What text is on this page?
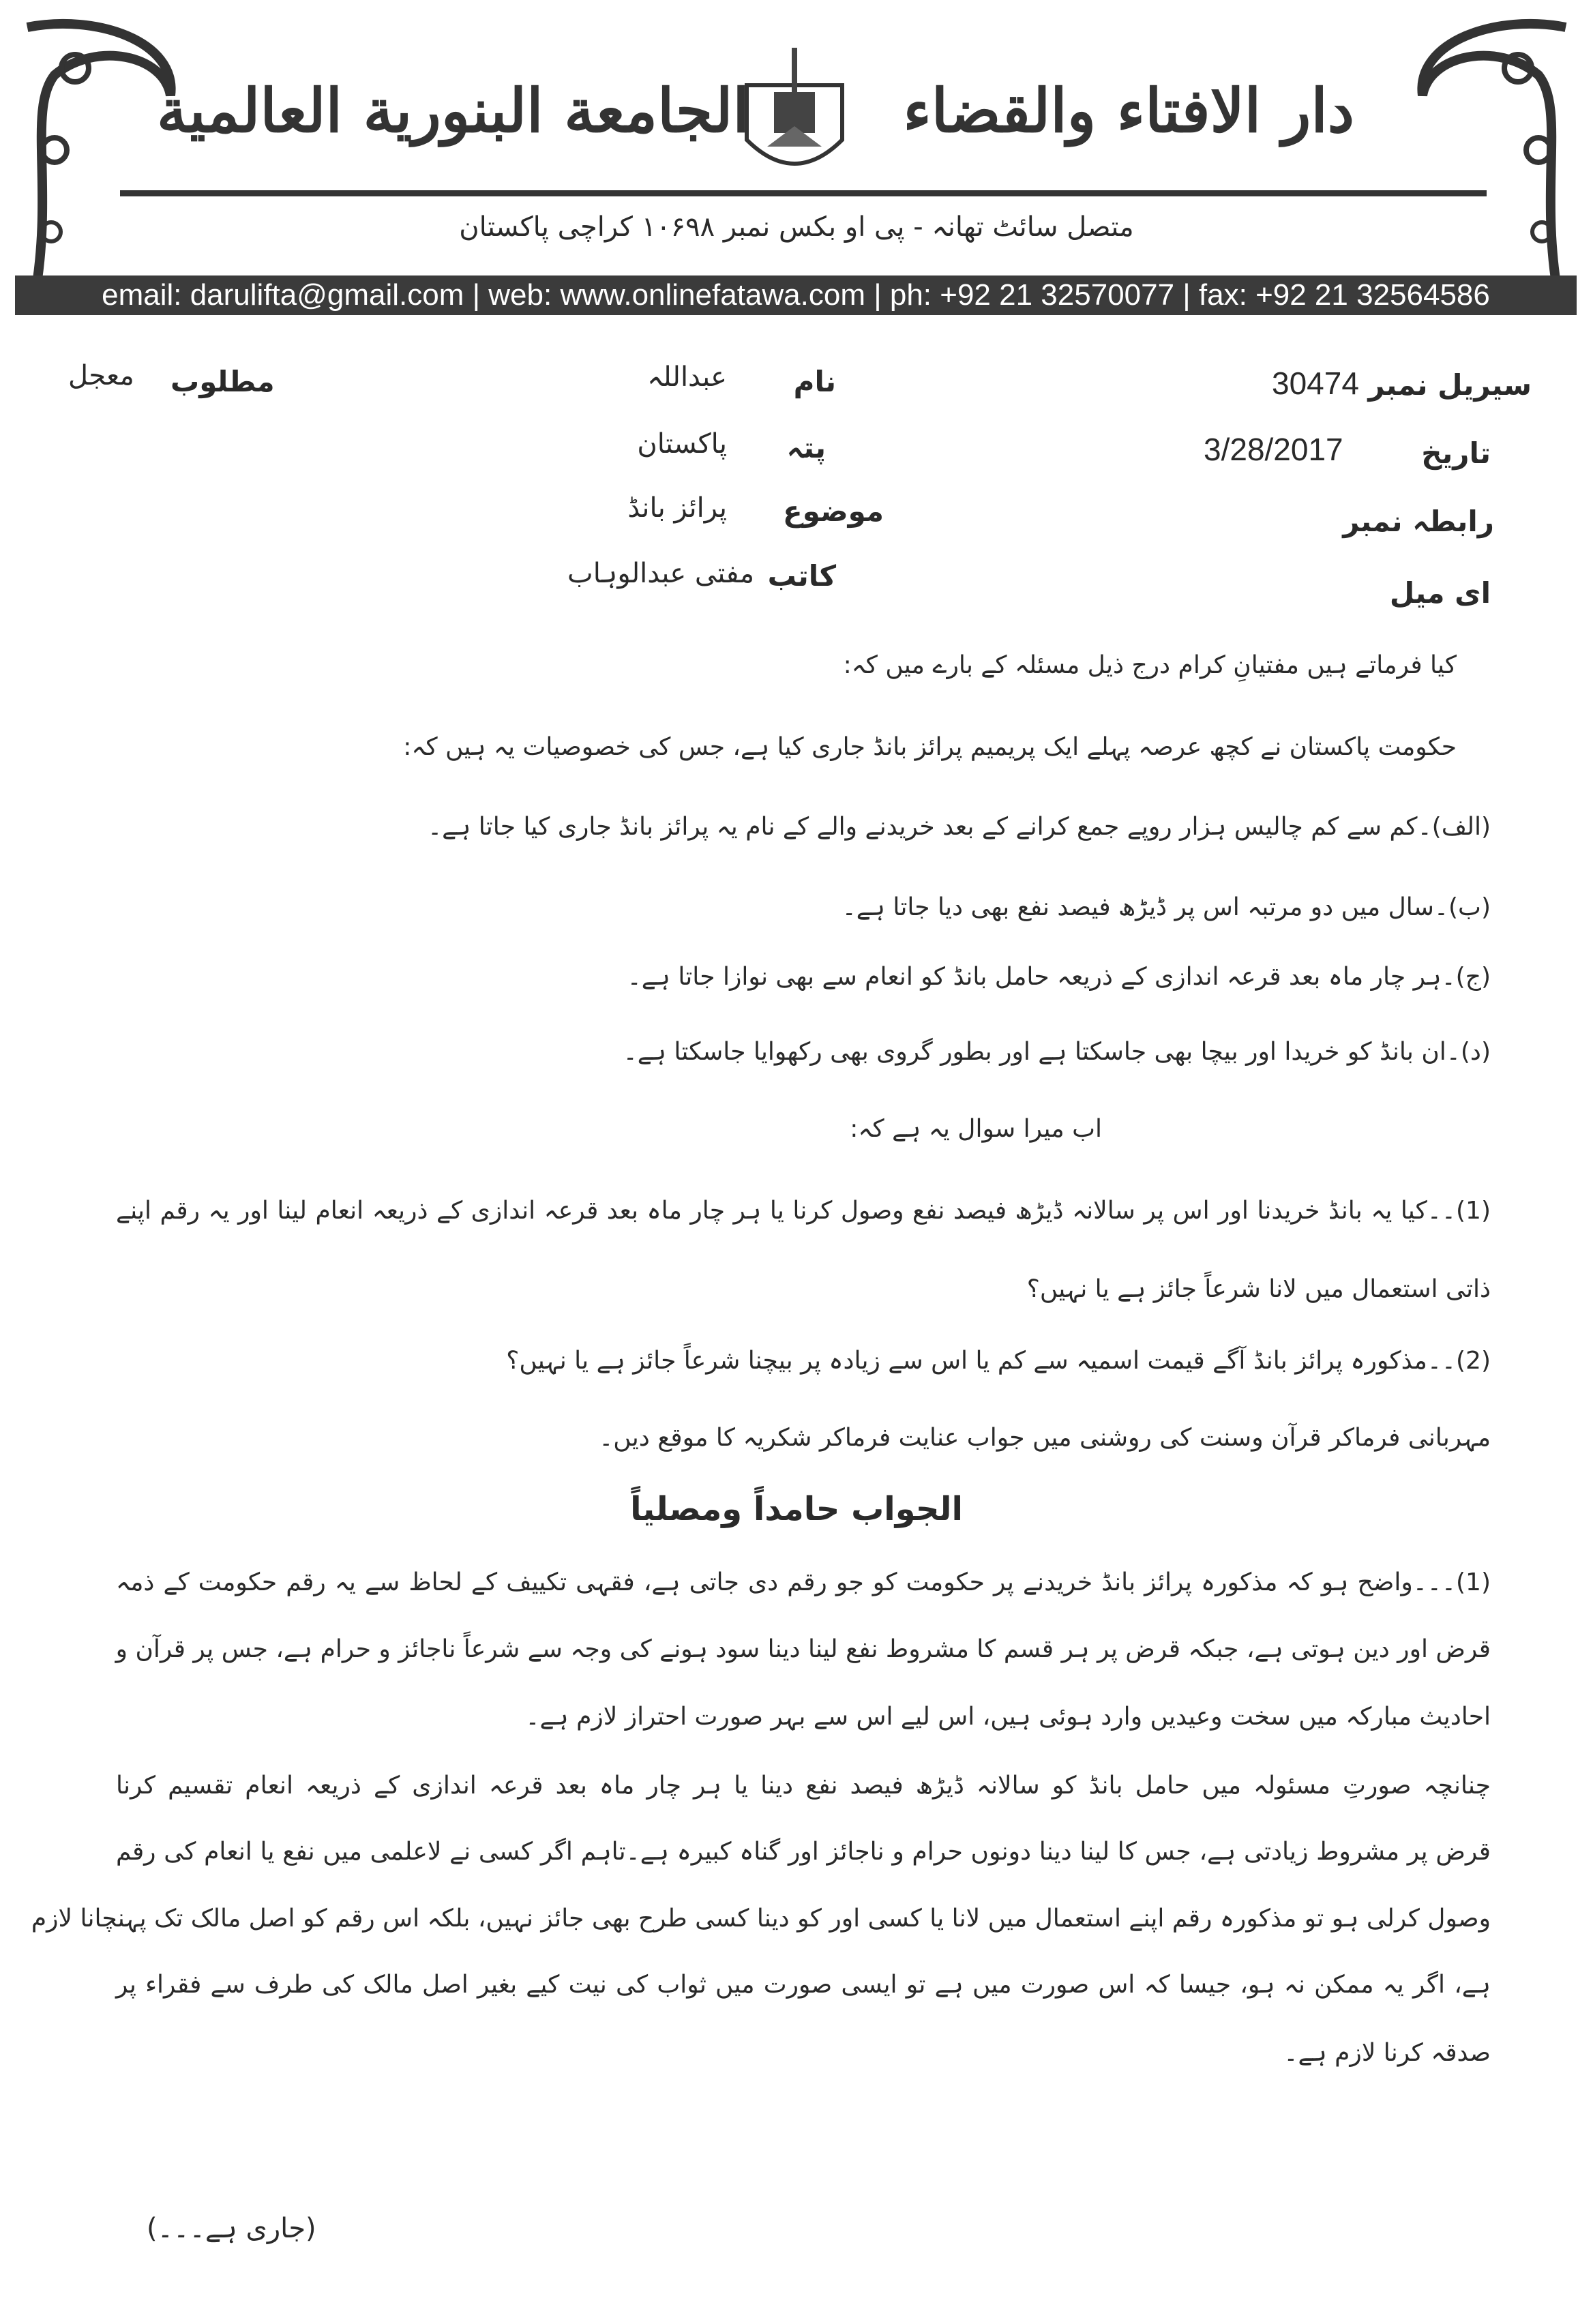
دار الافتاء والقضاء
الجامعة البنورية العالمية
متصل سائٹ تھانہ - پی او بکس نمبر ۱۰۶۹۸ کراچی پاکستان
email: darulifta@gmail.com | web: www.onlinefatawa.com | ph: +92 21 32570077 | fax: +92 21 32564586
سیریل نمبر
30474
تاریخ
3/28/2017
رابطہ نمبر
ای میل
نام
عبداللہ
پتہ
پاکستان
موضوع
پرائز بانڈ
کاتب
مفتی عبدالوہاب
مطلوب
معجل
کیا فرماتے ہیں مفتیانِ کرام درج ذیل مسئلہ کے بارے میں کہ:
حکومت پاکستان نے کچھ عرصہ پہلے ایک پریمیم پرائز بانڈ جاری کیا ہے، جس کی خصوصیات یہ ہیں کہ:
(الف)۔کم سے کم چالیس ہزار روپے جمع کرانے کے بعد خریدنے والے کے نام یہ پرائز بانڈ جاری کیا جاتا ہے۔
(ب)۔سال میں دو مرتبہ اس پر ڈیڑھ فیصد نفع بھی دیا جاتا ہے۔
(ج)۔ہر چار ماہ بعد قرعہ اندازی کے ذریعہ حامل بانڈ کو انعام سے بھی نوازا جاتا ہے۔
(د)۔ان بانڈ کو خریدا اور بیچا بھی جاسکتا ہے اور بطور گروی بھی رکھوایا جاسکتا ہے۔
اب میرا سوال یہ ہے کہ:
(1)۔۔کیا یہ بانڈ خریدنا اور اس پر سالانہ ڈیڑھ فیصد نفع وصول کرنا یا ہر چار ماہ بعد قرعہ اندازی کے ذریعہ انعام لینا اور یہ رقم اپنے
ذاتی استعمال میں لانا شرعاً جائز ہے یا نہیں؟
(2)۔۔مذکورہ پرائز بانڈ آگے قیمت اسمیہ سے کم یا اس سے زیادہ پر بیچنا شرعاً جائز ہے یا نہیں؟
مہربانی فرماکر قرآن وسنت کی روشنی میں جواب عنایت فرماکر شکریہ کا موقع دیں۔
الجواب حامداً ومصلیاً
(1)۔۔۔واضح ہو کہ مذکورہ پرائز بانڈ خریدنے پر حکومت کو جو رقم دی جاتی ہے، فقہی تکییف کے لحاظ سے یہ رقم حکومت کے ذمہ
قرض اور دین ہوتی ہے، جبکہ قرض پر ہر قسم کا مشروط نفع لینا دینا سود ہونے کی وجہ سے شرعاً ناجائز و حرام ہے، جس پر قرآن و
احادیث مبارکہ میں سخت وعیدیں وارد ہوئی ہیں، اس لیے اس سے بہر صورت احتراز لازم ہے۔
چنانچہ صورتِ مسئولہ میں حامل بانڈ کو سالانہ ڈیڑھ فیصد نفع دینا یا ہر چار ماہ بعد قرعہ اندازی کے ذریعہ انعام تقسیم کرنا
قرض پر مشروط زیادتی ہے، جس کا لینا دینا دونوں حرام و ناجائز اور گناہ کبیرہ ہے۔تاہم اگر کسی نے لاعلمی میں نفع یا انعام کی رقم
وصول کرلی ہو تو مذکورہ رقم اپنے استعمال میں لانا یا کسی اور کو دینا کسی طرح بھی جائز نہیں، بلکہ اس رقم کو اصل مالک تک پہنچانا لازم
ہے، اگر یہ ممکن نہ ہو، جیسا کہ اس صورت میں ہے تو ایسی صورت میں ثواب کی نیت کیے بغیر اصل مالک کی طرف سے فقراء پر
صدقہ کرنا لازم ہے۔
(جاری ہے۔۔۔)
